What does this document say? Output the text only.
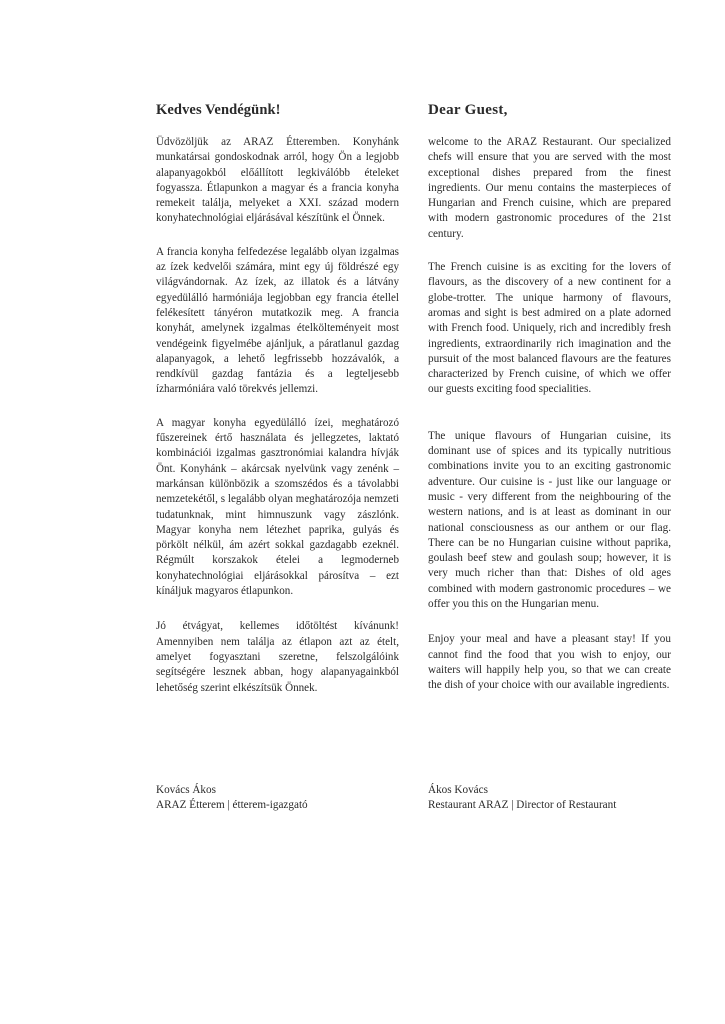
Kedves Vendégünk!

Üdvözöljük az ARAZ Étteremben. Konyhánk munkatársai gondoskodnak arról, hogy Ön a legjobb alapanyagokból előállított legkiválóbb ételeket fogyassza. Étlapunkon a magyar és a francia konyha remekeit találja, melyeket a XXI. század modern konyhatechnológiai eljárásával készítünk el Önnek.

A francia konyha felfedezése legalább olyan izgalmas az ízek kedvelői számára, mint egy új földrészé egy világvándornak. Az ízek, az illatok és a látvány egyedülálló harmóniája legjobban egy francia étellel felékesített tányéron mutatkozik meg. A francia konyhát, amelynek izgalmas ételkölteményeit most vendégeink figyelmébe ajánljuk, a páratlanul gazdag alapanyagok, a lehető legfrissebb hozzávalók, a rendkívül gazdag fantázia és a legteljesebb ízharmóniára való törekvés jellemzi.

A magyar konyha egyedülálló ízei, meghatározó fűszereinek értő használata és jellegzetes, laktató kombinációi izgalmas gasztronómiai kalandra hívják Önt. Konyhánk – akárcsak nyelvünk vagy zenénk – markánsan különbözik a szomszédos és a távolabbi nemzetekétől, s legalább olyan meghatározója nemzeti tudatunknak, mint himnuszunk vagy zászlónk. Magyar konyha nem létezhet paprika, gulyás és pörkölt nélkül, ám azért sokkal gazdagabb ezeknél. Régmúlt korszakok ételei a legmoderneb konyhatechnológiai eljárásokkal párosítva – ezt kínáljuk magyaros étlapunkon.

Jó étvágyat, kellemes időtöltést kívánunk! Amennyiben nem találja az étlapon azt az ételt, amelyet fogyasztani szeretne, felszolgálóink segítségére lesznek abban, hogy alapanyagainkból lehetőség szerint elkészítsük Önnek.

Dear Guest,

welcome to the ARAZ Restaurant. Our specialized chefs will ensure that you are served with the most exceptional dishes prepared from the finest ingredients. Our menu contains the masterpieces of Hungarian and French cuisine, which are prepared with modern gastronomic procedures of the 21st century.

The French cuisine is as exciting for the lovers of flavours, as the discovery of a new continent for a globe-trotter. The unique harmony of flavours, aromas and sight is best admired on a plate adorned with French food. Uniquely, rich and incredibly fresh ingredients, extraordinarily rich imagination and the pursuit of the most balanced flavours are the features characterized by French cuisine, of which we offer our guests exciting food specialities.

The unique flavours of Hungarian cuisine, its dominant use of spices and its typically nutritious combinations invite you to an exciting gastronomic adventure. Our cuisine is - just like our language or music - very different from the neighbouring of the western nations, and is at least as dominant in our national consciousness as our anthem or our flag. There can be no Hungarian cuisine without paprika, goulash beef stew and goulash soup; however, it is very much richer than that: Dishes of old ages combined with modern gastronomic procedures – we offer you this on the Hungarian menu.

Enjoy your meal and have a pleasant stay! If you cannot find the food that you wish to enjoy, our waiters will happily help you, so that we can create the dish of your choice with our available ingredients.

Kovács Ákos
ARAZ Étterem | étterem-igazgató
Ákos Kovács
Restaurant ARAZ | Director of Restaurant
